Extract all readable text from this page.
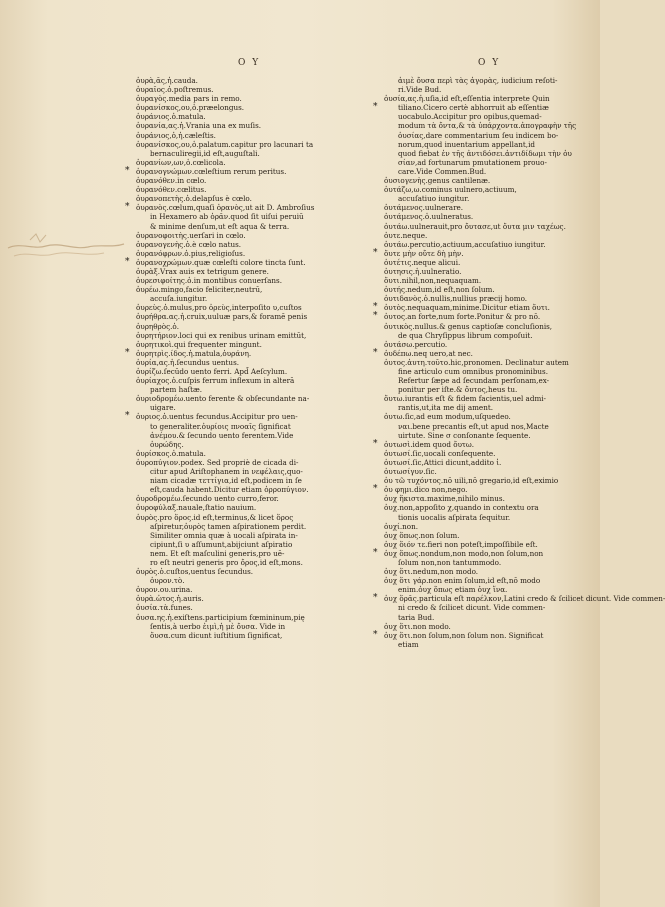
O Y	O Y
ὀυρὰ,ᾶς,ἡ.cauda.
ὀυραῖος.ὁ.poſtremus.
ὀυραγὸς.media pars in remo.
ὀυρανίσκος,ου,ὁ.præelongus.
ὀυράνιος.ὁ.matula.
ὀυρανία,ας.ἡ.Vrania una ex muſis.
ὀυράνιος,ὁ,ἡ.cæleſtis.
ὀυρανίσκος,ου,ὁ.palatum.capitur pro lacunari ta
bernaculiregii,id eſt,auguſtali.
ὀυρανίων,ων,ὁ.cœlicola.
* ὀυρανογνώμων.cœleſtium rerum peritus.
ὀυρανόθεν.in cœlo.
ὀυρανόθεν.cœlitus.
ὀυρανοπετὴς.ὁ.delapſus è cœlo.
* ὀυρανὸς.cœlum,quaſi ὁρανὸς,ut ait D. Ambroſius
in Hexamero ab ὁρᾶν.quod ſit uiſui peruiū
& minime denſum,ut eſt aqua & terra.
ὀυρανοφοιτὴς.uerſari in cœlo.
ὀυρανογενὴς.ὁ.è cœlo natus.
ὀυρανόφρων.ὁ.pius,religioſus.
* ὀυρανοχρώμων.quæ cœleſti colore tincta ſunt.
ὀυρὰξ.Vrax auis ex tetrigum genere.
ὀυρεσιφοίτης.ὁ.in montibus conuerſans.
ὀυρέω.mingo,facio feliciter,neutrū,
accuſa.iungitur.
ὀυρεὺς.ὁ.mulus,pro ὀρεὺς,interpoſito υ,cuſtos
ὀυρήθρα.ας.ἡ.cruix,uuluæ pars,& foramē penis
ὀυρηθρὸς.ὁ.
ὀυρητήριον.loci qui ex renibus urinam emittūt,
ὀυρητικοὶ.qui frequenter mingunt.
* ὀυρητρὶς.ίδος.ἡ.matula,ὀυράνη.
ὀυρία,ας.ἡ.ſecundus uentus.
ὀυρίζω.ſecūdo uento ferri. Apd̄ Aeſcylum.
ὀυρίαχος.ὁ.cuſpis ferrum inflexum in alterā
partem haſtæ.
ὀυριοδρομέω.uento ferente & obſecundante na-
uigare.
* ὀυριος.ὁ.uentus fecundus.Accipitur pro uen-
to generaliter.ὀυρίοις πνοαῖς ſignificat
ἀνέμου.& ſecundo uento ferentem.Vide
ὀυρώδης.
ὀυρίσκος.ὁ.matula.
ὀυροπύγιον.podex. Sed propriè de cicada di-
citur apud Ariſtophanem in νεφέλαις,quo-
niam cicadæ τεττίγια,id eſt,podicem in ſe
eſt,cauda habent.Dicitur etiam ὀρροπύγιον.
ὀυροδρομέω.ſecundo uento curro,feror.
ὀυροφύλαξ.nauale,ſtatio nauium.
ὀυρὸς.pro ὅρος.id eſt,terminus,& licet ὅρος
aſpiretur,ὀυρὸς tamen aſpirationem perdit.
Similiter omnia quæ à uocali aſpirata in-
cipiunt,ſi υ aſſumunt,abijciunt aſpiratio
nem. Et eſt maſculini generis,pro uē-
ro eſt neutri generis pro ὄρος,id eſt,mons.
ὀυρὸς.ὁ.cuſtos,uentus ſecundus.
ὀυρον.τὸ.
ὀυρον.ου.urina.
ὀυρὰ.ὠτος.ἡ.auris.
ὀυσία.τὰ.funes.
ὀυσα.ης.ἡ.exiſtens.participium fœmininum,pię
ſentis,à uerbo ἐιμὶ,ἡ μὲ ὄυσα. Vide in
ὄυσα.cum dicunt iuſtitium ſignificat,
ἀιμὲ ὄυσα περὶ τὰς ἀγορὰς, iudicium reſoti-
ri.Vide Bud.
ὀυσία,ας.ἡ.uſia,id eſt,eſſentia interprete Quin
*	tiliano.Cicero certè abhorruit ab eſſentiæ
uocabulo.Accipitur pro opibus,quemad-
modum τὰ ὄντα,& τὰ ὑπάρχοντα.ἀπογραφὴν τῆς
ὀυσίας,dare commentarium ſeu indicem bo-
norum,quod inuentarium appellant,id
quod fiebat ἐν τῆς ἀντιδόσει.ἀντιδίδωμι τὴν ὀυ
σίαν,ad fortunarum pmutationem prouo-
care.Vide Commen.Bud.
ὀυσιογενὴς.genus cantilenæ.
ὀυτάζω,ω.cominus uulnero,actiuum,
accuſatiuo iungitur.
ὀυτάμενος.uulnerare.
ὀυτάμενος.ὁ.uulneratus.
ὀυτάω.uulnerauit,pro ὄυτασε,ut ὄυτα μιν ταχέως.
ὀυτε.neque.
ὀυτάω.percutio,actiuum,accuſatiuo iungitur.
* ὄυτε μὴν οὔτε δὴ μὴν.
ὀυτέτις.neque alicui.
ὀυτησις.ἡ.uulneratio.
ὄυτι.nihil,non,nequaquam.
ὀυτής.nedum,id eſt,non ſolum.
ὀυτιδανὸς.ὁ.nullis,nullius præcij homo.
* ὀυτὸς.nequaquam,minime.Dicitur etiam ὄυτι.
* ὀυτος.an forte,num forte.Ponitur & pro nō.
ὀυτικὸς.nullus.& genus captioſæ concluſionis,
de qua Chryſippus librum compoſuit.
ὀυτάσω.percutio.
* ὀυδέπω.neq uero,at nec.
ὀυτος.ἀυτη.τοῦτο.hic,pronomen. Declinatur autem
fine articulo cum omnibus pronominibus.
Refertur ſæpe ad ſecundam perſonam,ex-
ponitur per iſte.& ὄυτος,heus tu.
ὄυτω.iurantis eſt & fidem facientis,uel admi-
rantis,ut,ita me dij ament.
ὀυτω.ſic,ad eum modum,uſquedeo.
ναι.bene precantis eſt,ut apud nos,Macte
uirtute. Sine σ conſonante ſequente.
* ὀυτωσὶ.idem quod ὄυτω.
ὀυτωσί.ſic,uocali conſequente.
ὀυτωσί.ſic,Attici dicunt,addito ἰ.
ὀυτωσίγυν.ſic.
ὀυ τῶ τυχόντος.nō uili,nō gregario,id eſt,eximio
* ὀυ φημι.dico non,nego.
ὀυχ ἥκιστα.maxime,nihilo minus.
ὀυχ.non,appoſito χ,quando in contextu ora
tionis uocalis aſpirata ſequitur.
ὀυχί.non.
ὀυχ ὅπως.non ſolum.
ὀυχ ὅιόν τε.fieri non poteſt,impoſſibile eſt.
* ὀυχ ὅπως.nondum,non modo,non ſolum,non
ſolum non,non tantummodo.
ὀυχ ὅτι.nedum,non modo.
ὀυχ ὅτι γάρ.non enim ſolum,id eſt,nō modo
enim.ὀυχ ὅπως etiam ὀυχ ἵνα.
* ὀυχ ὅρᾶς.particula eſt παρέλκον,Latini credo & ſcilicet dicunt. Vide commen-
ni credo & ſcilicet dicunt. Vide commen-
taria Bud.
ὀυχ ὅτι.non modo.
* ὀυχ ὅτι.non ſolum,non ſolum non. Significat
etiam
